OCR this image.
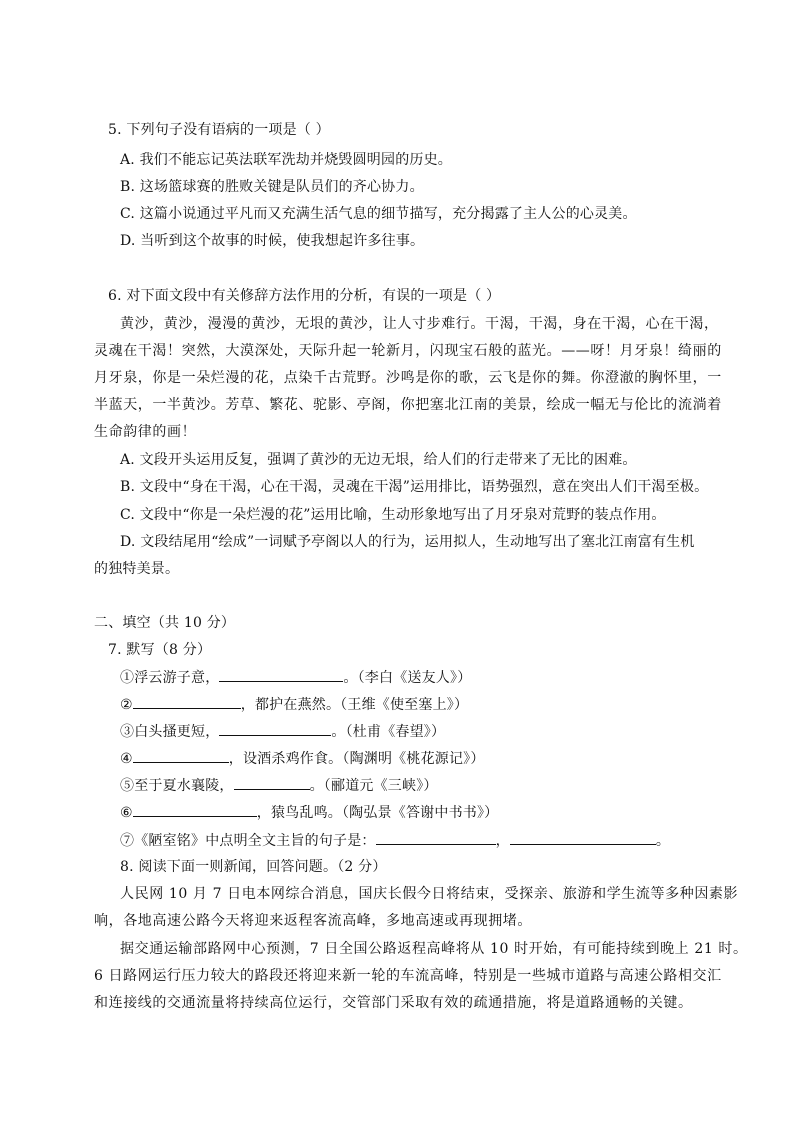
5. 下列句子没有语病的一项是（ ）

A. 我们不能忘记英法联军洗劫并烧毁圆明园的历史。

B. 这场篮球赛的胜败关键是队员们的齐心协力。

C. 这篇小说通过平凡而又充满生活气息的细节描写，充分揭露了主人公的心灵美。

D. 当听到这个故事的时候，使我想起许多往事。

6. 对下面文段中有关修辞方法作用的分析，有误的一项是（ ）

黄沙，黄沙，漫漫的黄沙，无垠的黄沙，让人寸步难行。干渴，干渴，身在干渴，心在干渴，

灵魂在干渴！突然，大漠深处，天际升起一轮新月，闪现宝石般的蓝光。——呀！月牙泉！绮丽的

月牙泉，你是一朵烂漫的花，点染千古荒野。沙鸣是你的歌，云飞是你的舞。你澄澈的胸怀里，一

半蓝天，一半黄沙。芳草、繁花、驼影、亭阁，你把塞北江南的美景，绘成一幅无与伦比的流淌着

生命韵律的画！

A. 文段开头运用反复，强调了黄沙的无边无垠，给人们的行走带来了无比的困难。

B. 文段中“身在干渴，心在干渴，灵魂在干渴”运用排比，语势强烈，意在突出人们干渴至极。

C. 文段中“你是一朵烂漫的花”运用比喻，生动形象地写出了月牙泉对荒野的装点作用。

D. 文段结尾用“绘成”一词赋予亭阁以人的行为，运用拟人，生动地写出了塞北江南富有生机

的独特美景。

二、填空（共 10 分）

7. 默写（8 分）

①浮云游子意，	。（李白《送友人》）

②	，都护在燕然。（王维《使至塞上》）

③白头搔更短，	。（杜甫《春望》）

④	，设酒杀鸡作食。（陶渊明《桃花源记》）

⑤至于夏水襄陵，	。（郦道元《三峡》）

⑥	，猿鸟乱鸣。（陶弘景《答谢中书书》）

⑦《陋室铭》中点明全文主旨的句子是：	，	。

8. 阅读下面一则新闻，回答问题。（2 分）

人民网 10 月 7 日电本网综合消息，国庆长假今日将结束，受探亲、旅游和学生流等多种因素影

响，各地高速公路今天将迎来返程客流高峰，多地高速或再现拥堵。

据交通运输部路网中心预测，7 日全国公路返程高峰将从 10 时开始，有可能持续到晚上 21 时。

6 日路网运行压力较大的路段还将迎来新一轮的车流高峰，特别是一些城市道路与高速公路相交汇

和连接线的交通流量将持续高位运行，交管部门采取有效的疏通措施，将是道路通畅的关键。
